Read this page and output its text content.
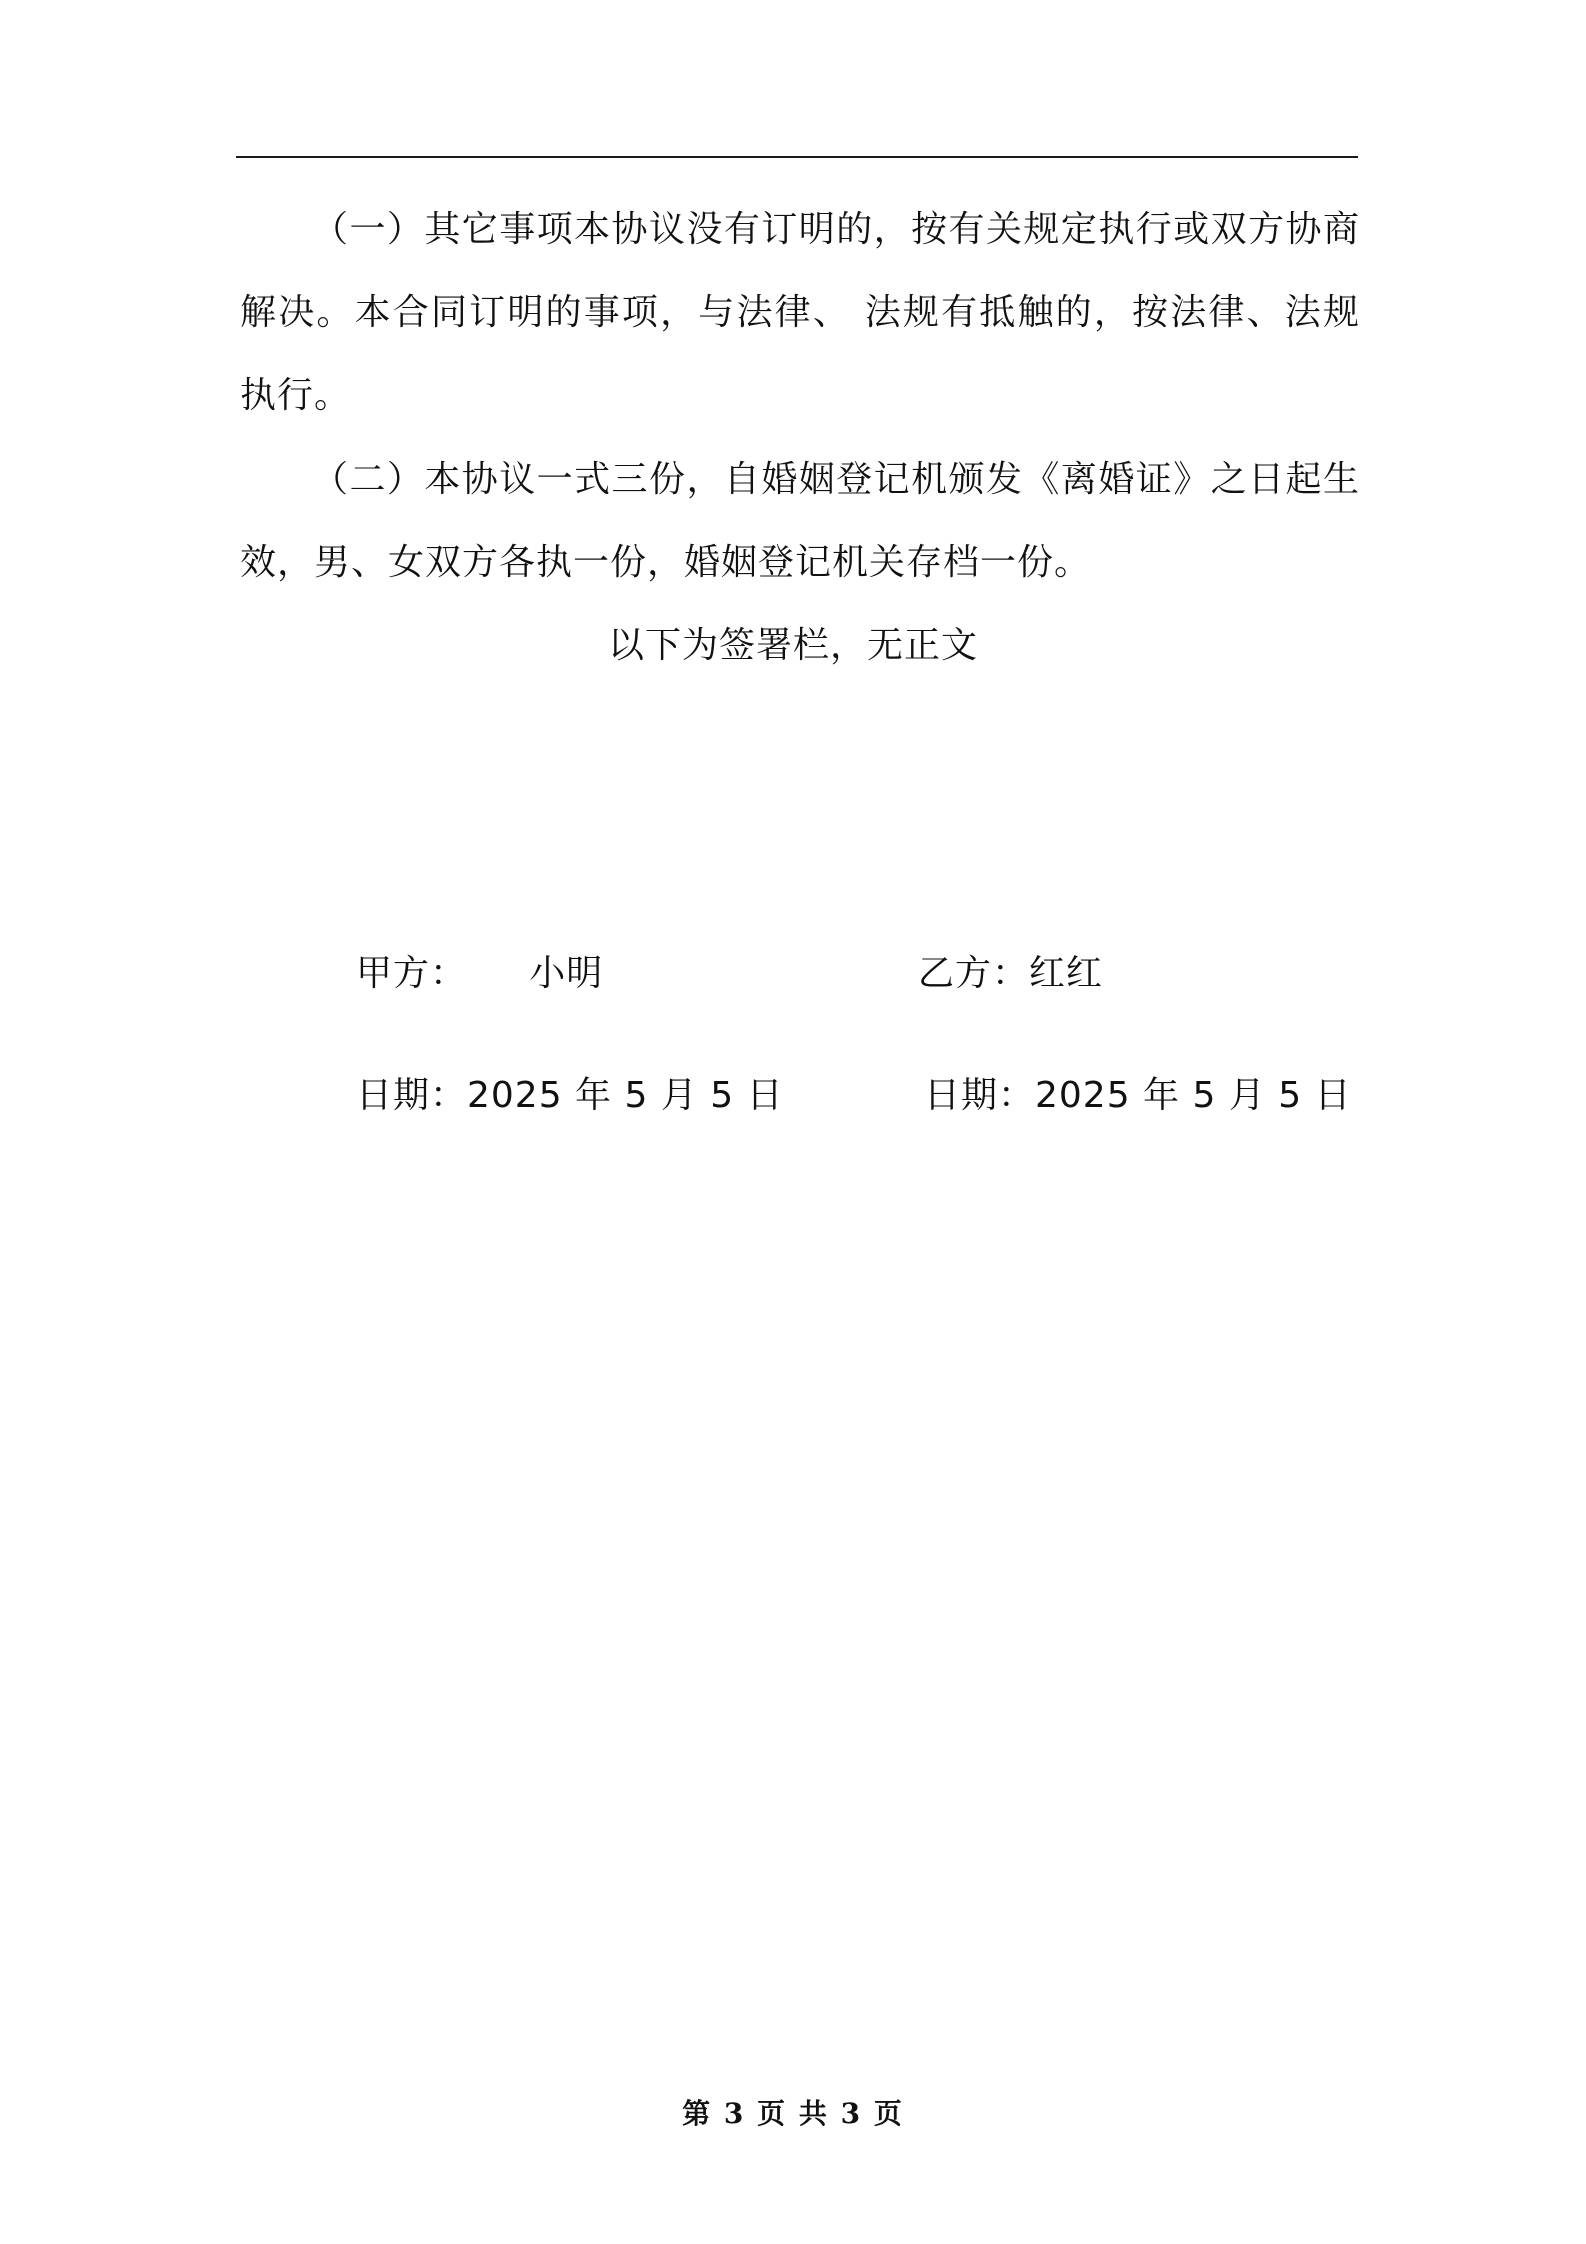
（一）其它事项本协议没有订明的，按有关规定执行或双方协商解决。本合同订明的事项，与法律、 法规有抵触的，按法律、法规执行。

（二）本协议一式三份，自婚姻登记机颁发《离婚证》之日起生效，男、女双方各执一份，婚姻登记机关存档一份。

以下为签署栏，无正文
甲方：     小明	乙方：红红
日期：2025 年 5 月 5 日	日期：2025 年 5 月 5 日
第 3 页 共 3 页
